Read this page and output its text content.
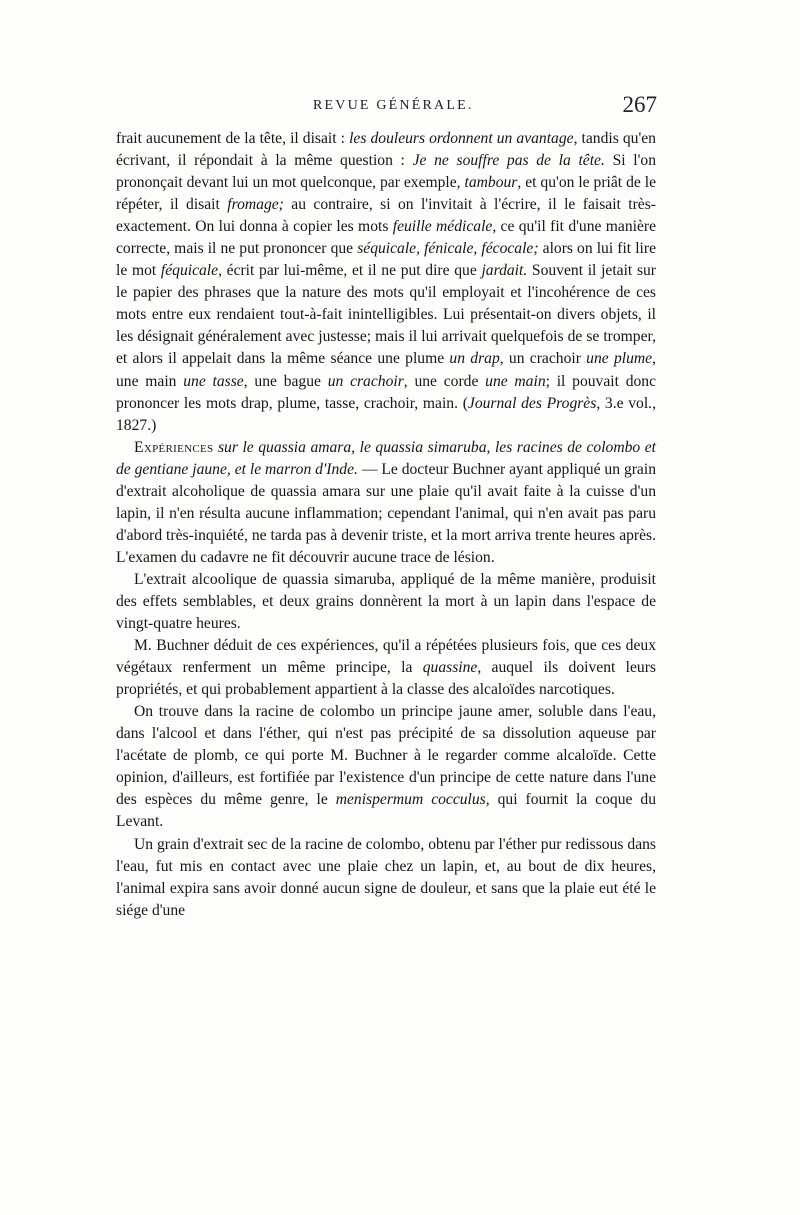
REVUE GÉNÉRALE.	267

frait aucunement de la tête, il disait : les douleurs ordonnent un avantage, tandis qu'en écrivant, il répondait à la même question : Je ne souffre pas de la tête. Si l'on prononçait devant lui un mot quelconque, par exemple, tambour, et qu'on le priât de le répéter, il disait fromage; au contraire, si on l'invitait à l'écrire, il le faisait très-exactement. On lui donna à copier les mots feuille médicale, ce qu'il fit d'une manière correcte, mais il ne put prononcer que séquicale, fénicale, fécocale; alors on lui fit lire le mot féquicale, écrit par lui-même, et il ne put dire que jardait. Souvent il jetait sur le papier des phrases que la nature des mots qu'il employait et l'incohérence de ces mots entre eux rendaient tout-à-fait inintelligibles. Lui présentait-on divers objets, il les désignait généralement avec justesse; mais il lui arrivait quelquefois de se tromper, et alors il appelait dans la même séance une plume un drap, un crachoir une plume, une main une tasse, une bague un crachoir, une corde une main; il pouvait donc prononcer les mots drap, plume, tasse, crachoir, main. (Journal des Progrès, 3.e vol., 1827.)

Expériences sur le quassia amara, le quassia simaruba, les racines de colombo et de gentiane jaune, et le marron d'Inde. — Le docteur Buchner ayant appliqué un grain d'extrait alcoholique de quassia amara sur une plaie qu'il avait faite à la cuisse d'un lapin, il n'en résulta aucune inflammation; cependant l'animal, qui n'en avait pas paru d'abord très-inquiété, ne tarda pas à devenir triste, et la mort arriva trente heures après. L'examen du cadavre ne fit découvrir aucune trace de lésion.

L'extrait alcoolique de quassia simaruba, appliqué de la même manière, produisit des effets semblables, et deux grains donnèrent la mort à un lapin dans l'espace de vingt-quatre heures.

M. Buchner déduit de ces expériences, qu'il a répétées plusieurs fois, que ces deux végétaux renferment un même principe, la quassine, auquel ils doivent leurs propriétés, et qui probablement appartient à la classe des alcaloïdes narcotiques.

On trouve dans la racine de colombo un principe jaune amer, soluble dans l'eau, dans l'alcool et dans l'éther, qui n'est pas précipité de sa dissolution aqueuse par l'acétate de plomb, ce qui porte M. Buchner à le regarder comme alcaloïde. Cette opinion, d'ailleurs, est fortifiée par l'existence d'un principe de cette nature dans l'une des espèces du même genre, le menispermum cocculus, qui fournit la coque du Levant.

Un grain d'extrait sec de la racine de colombo, obtenu par l'éther pur redissous dans l'eau, fut mis en contact avec une plaie chez un lapin, et, au bout de dix heures, l'animal expira sans avoir donné aucun signe de douleur, et sans que la plaie eut été le siége d'une
